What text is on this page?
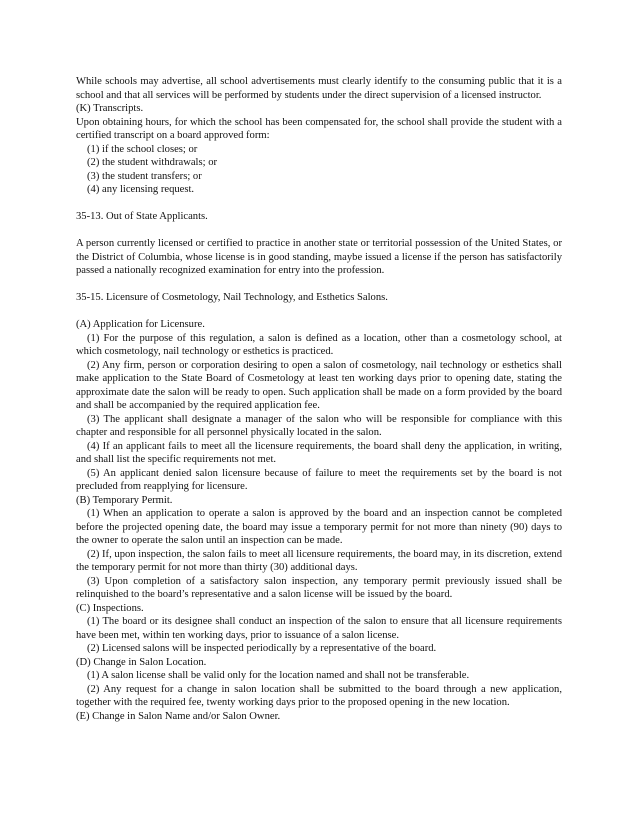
While schools may advertise, all school advertisements must clearly identify to the consuming public that it is a school and that all services will be performed by students under the direct supervision of a licensed instructor.

(K) Transcripts.

Upon obtaining hours, for which the school has been compensated for, the school shall provide the student with a certified transcript on a board approved form:

(1) if the school closes; or

(2) the student withdrawals; or

(3) the student transfers; or

(4) any licensing request.

35-13. Out of State Applicants.

A person currently licensed or certified to practice in another state or territorial possession of the United States, or the District of Columbia, whose license is in good standing, maybe issued a license if the person has satisfactorily passed a nationally recognized examination for entry into the profession.

35-15. Licensure of Cosmetology, Nail Technology, and Esthetics Salons.

(A) Application for Licensure.

(1) For the purpose of this regulation, a salon is defined as a location, other than a cosmetology school, at which cosmetology, nail technology or esthetics is practiced.

(2) Any firm, person or corporation desiring to open a salon of cosmetology, nail technology or esthetics shall make application to the State Board of Cosmetology at least ten working days prior to opening date, stating the approximate date the salon will be ready to open. Such application shall be made on a form provided by the board and shall be accompanied by the required application fee.

(3) The applicant shall designate a manager of the salon who will be responsible for compliance with this chapter and responsible for all personnel physically located in the salon.

(4) If an applicant fails to meet all the licensure requirements, the board shall deny the application, in writing, and shall list the specific requirements not met.

(5) An applicant denied salon licensure because of failure to meet the requirements set by the board is not precluded from reapplying for licensure.

(B) Temporary Permit.

(1) When an application to operate a salon is approved by the board and an inspection cannot be completed before the projected opening date, the board may issue a temporary permit for not more than ninety (90) days to the owner to operate the salon until an inspection can be made.

(2) If, upon inspection, the salon fails to meet all licensure requirements, the board may, in its discretion, extend the temporary permit for not more than thirty (30) additional days.

(3) Upon completion of a satisfactory salon inspection, any temporary permit previously issued shall be relinquished to the board’s representative and a salon license will be issued by the board.

(C) Inspections.

(1) The board or its designee shall conduct an inspection of the salon to ensure that all licensure requirements have been met, within ten working days, prior to issuance of a salon license.

(2) Licensed salons will be inspected periodically by a representative of the board.

(D) Change in Salon Location.

(1) A salon license shall be valid only for the location named and shall not be transferable.

(2) Any request for a change in salon location shall be submitted to the board through a new application, together with the required fee, twenty working days prior to the proposed opening in the new location.

(E) Change in Salon Name and/or Salon Owner.
